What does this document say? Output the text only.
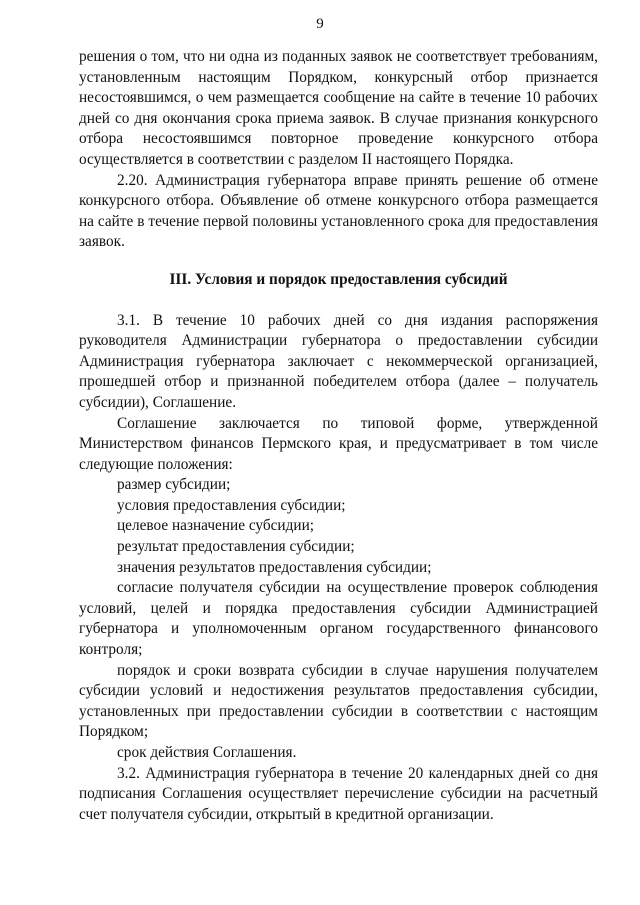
9

решения о том, что ни одна из поданных заявок не соответствует требованиям, установленным настоящим Порядком, конкурсный отбор признается несостоявшимся, о чем размещается сообщение на сайте в течение 10 рабочих дней со дня окончания срока приема заявок. В случае признания конкурсного отбора несостоявшимся повторное проведение конкурсного отбора осуществляется в соответствии с разделом II настоящего Порядка.

2.20. Администрация губернатора вправе принять решение об отмене конкурсного отбора. Объявление об отмене конкурсного отбора размещается на сайте в течение первой половины установленного срока для предоставления заявок.

III. Условия и порядок предоставления субсидий

3.1. В течение 10 рабочих дней со дня издания распоряжения руководителя Администрации губернатора о предоставлении субсидии Администрация губернатора заключает с некоммерческой организацией, прошедшей отбор и признанной победителем отбора (далее – получатель субсидии), Соглашение.

Соглашение заключается по типовой форме, утвержденной Министерством финансов Пермского края, и предусматривает в том числе следующие положения:

размер субсидии;

условия предоставления субсидии;

целевое назначение субсидии;

результат предоставления субсидии;

значения результатов предоставления субсидии;

согласие получателя субсидии на осуществление проверок соблюдения условий, целей и порядка предоставления субсидии Администрацией губернатора и уполномоченным органом государственного финансового контроля;

порядок и сроки возврата субсидии в случае нарушения получателем субсидии условий и недостижения результатов предоставления субсидии, установленных при предоставлении субсидии в соответствии с настоящим Порядком;

срок действия Соглашения.

3.2. Администрация губернатора в течение 20 календарных дней со дня подписания Соглашения осуществляет перечисление субсидии на расчетный счет получателя субсидии, открытый в кредитной организации.
